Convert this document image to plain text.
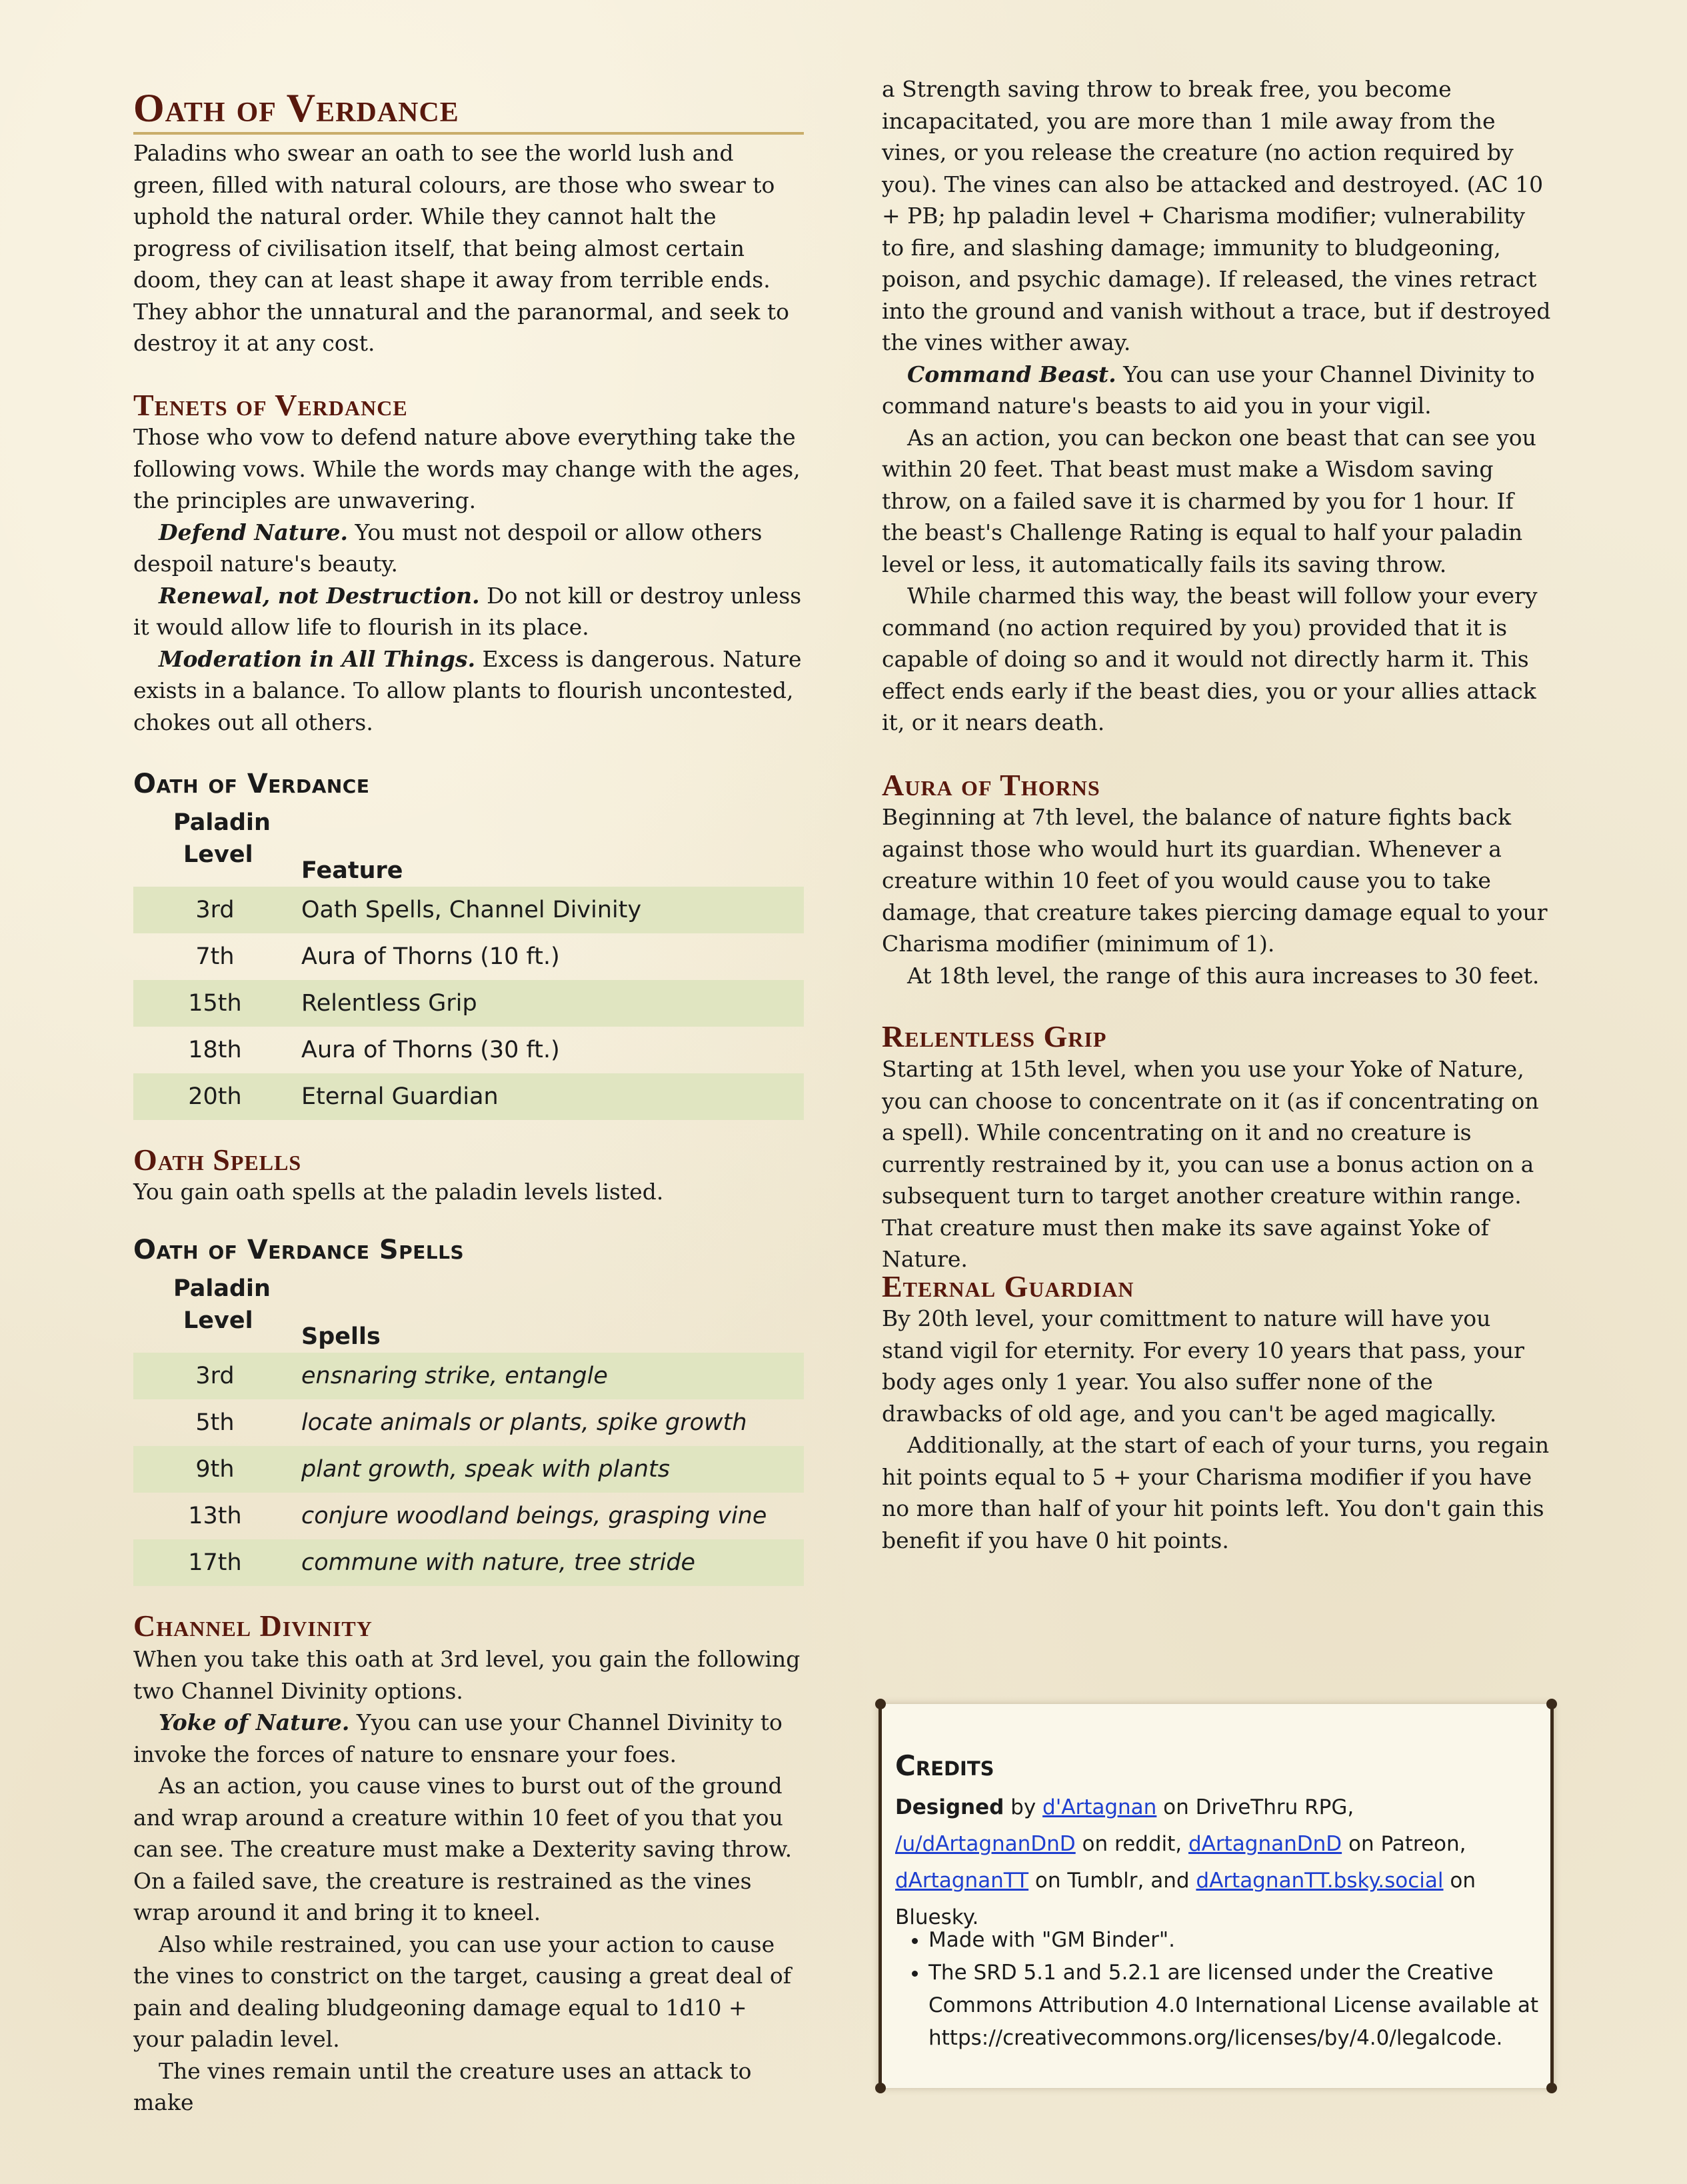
Oath of Verdance

Paladins who swear an oath to see the world lush and green, filled with natural colours, are those who swear to uphold the natural order. While they cannot halt the progress of civilisation itself, that being almost certain doom, they can at least shape it away from terrible ends. They abhor the unnatural and the paranormal, and seek to destroy it at any cost.

Tenets of Verdance

Those who vow to defend nature above everything take the following vows. While the words may change with the ages, the principles are unwavering.

Defend Nature. You must not despoil or allow others despoil nature's beauty.

Renewal, not Destruction. Do not kill or destroy unless it would allow life to flourish in its place.

Moderation in All Things. Excess is dangerous. Nature exists in a balance. To allow plants to flourish uncontested, chokes out all others.

Oath of Verdance
Paladin
Level
Feature
3rd	Oath Spells, Channel Divinity
7th	Aura of Thorns (10 ft.)
15th	Relentless Grip
18th	Aura of Thorns (30 ft.)
20th	Eternal Guardian
Oath Spells

You gain oath spells at the paladin levels listed.

Oath of Verdance Spells
Paladin
Level
Spells
3rd	ensnaring strike, entangle
5th	locate animals or plants, spike growth
9th	plant growth, speak with plants
13th	conjure woodland beings, grasping vine
17th	commune with nature, tree stride
Channel Divinity

When you take this oath at 3rd level, you gain the following two Channel Divinity options.

Yoke of Nature. Yyou can use your Channel Divinity to invoke the forces of nature to ensnare your foes.

As an action, you cause vines to burst out of the ground and wrap around a creature within 10 feet of you that you can see. The creature must make a Dexterity saving throw. On a failed save, the creature is restrained as the vines wrap around it and bring it to kneel.

Also while restrained, you can use your action to cause the vines to constrict on the target, causing a great deal of pain and dealing bludgeoning damage equal to 1d10 + your paladin level.

The vines remain until the creature uses an attack to make

a Strength saving throw to break free, you become incapacitated, you are more than 1 mile away from the vines, or you release the creature (no action required by you). The vines can also be attacked and destroyed. (AC 10 + PB; hp paladin level + Charisma modifier; vulnerability to fire, and slashing damage; immunity to bludgeoning, poison, and psychic damage). If released, the vines retract into the ground and vanish without a trace, but if destroyed the vines wither away.

Command Beast. You can use your Channel Divinity to command nature's beasts to aid you in your vigil.

As an action, you can beckon one beast that can see you within 20 feet. That beast must make a Wisdom saving throw, on a failed save it is charmed by you for 1 hour. If the beast's Challenge Rating is equal to half your paladin level or less, it automatically fails its saving throw.

While charmed this way, the beast will follow your every command (no action required by you) provided that it is capable of doing so and it would not directly harm it. This effect ends early if the beast dies, you or your allies attack it, or it nears death.

Aura of Thorns

Beginning at 7th level, the balance of nature fights back against those who would hurt its guardian. Whenever a creature within 10 feet of you would cause you to take damage, that creature takes piercing damage equal to your Charisma modifier (minimum of 1).

At 18th level, the range of this aura increases to 30 feet.

Relentless Grip

Starting at 15th level, when you use your Yoke of Nature, you can choose to concentrate on it (as if concentrating on a spell). While concentrating on it and no creature is currently restrained by it, you can use a bonus action on a subsequent turn to target another creature within range. That creature must then make its save against Yoke of Nature.

Eternal Guardian

By 20th level, your comittment to nature will have you stand vigil for eternity. For every 10 years that pass, your body ages only 1 year. You also suffer none of the drawbacks of old age, and you can't be aged magically.

Additionally, at the start of each of your turns, you regain hit points equal to 5 + your Charisma modifier if you have no more than half of your hit points left. You don't gain this benefit if you have 0 hit points.

Credits
Designed by d'Artagnan on DriveThru RPG, /u/dArtagnanDnD on reddit, dArtagnanDnD on Patreon, dArtagnanTT on Tumblr, and dArtagnanTT.bsky.social on Bluesky.
• Made with "GM Binder".
• The SRD 5.1 and 5.2.1 are licensed under the Creative Commons Attribution 4.0 International License available at https://creativecommons.org/licenses/by/4.0/legalcode.
